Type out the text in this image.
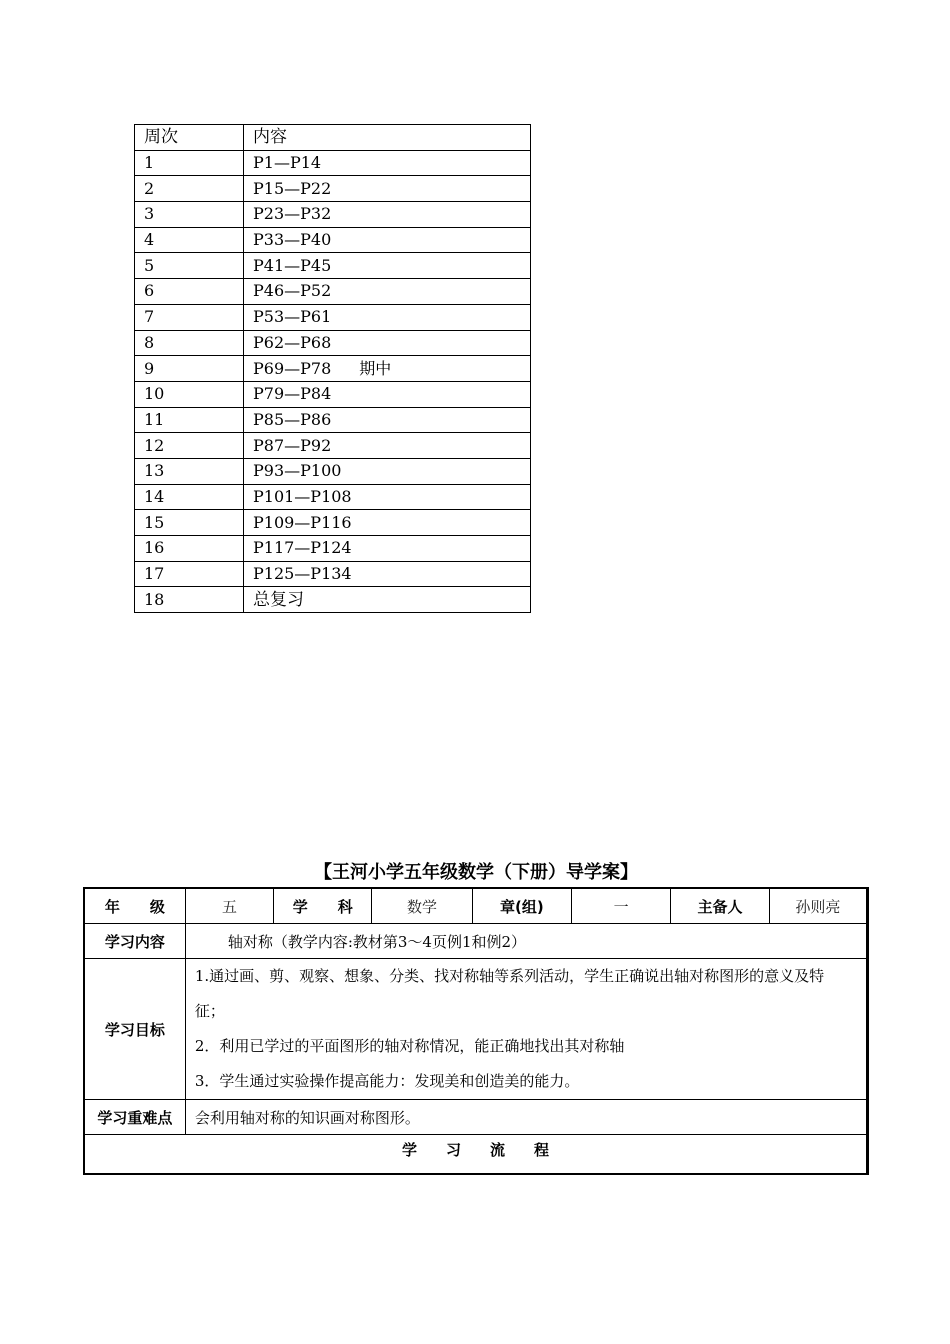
周次	内容
1	P1—P14
2	P15—P22
3	P23—P32
4	P33—P40
5	P41—P45
6	P46—P52
7	P53—P61
8	P62—P68
9	P69—P78 期中
10	P79—P84
11	P85—P86
12	P87—P92
13	P93—P100
14	P101—P108
15	P109—P116
16	P117—P124
17	P125—P134
18	总复习
【王河小学五年级数学（下册）导学案】
年　　级	五	学　　科	数学	章(组)	一	主备人	孙则亮
学习内容	轴对称（教学内容:教材第3～4页例1和例2）						
学习目标	1.通过画、剪、观察、想象、分类、找对称轴等系列活动，学生正确说出轴对称图形的意义及特
征；
2．利用已学过的平面图形的轴对称情况，能正确地找出其对称轴
3．学生通过实验操作提高能力：发现美和创造美的能力。						

学习重难点	会利用轴对称的知识画对称图形。						
学 习 流 程							
